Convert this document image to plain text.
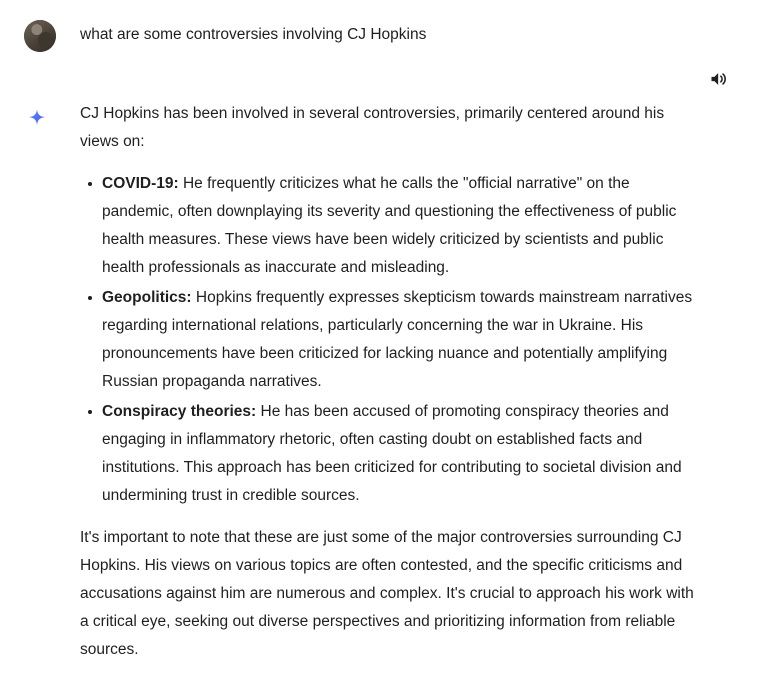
what are some controversies involving CJ Hopkins

CJ Hopkins has been involved in several controversies, primarily centered around his views on:

COVID-19: He frequently criticizes what he calls the "official narrative" on the pandemic, often downplaying its severity and questioning the effectiveness of public health measures. These views have been widely criticized by scientists and public health professionals as inaccurate and misleading.
Geopolitics: Hopkins frequently expresses skepticism towards mainstream narratives regarding international relations, particularly concerning the war in Ukraine. His pronouncements have been criticized for lacking nuance and potentially amplifying Russian propaganda narratives.
Conspiracy theories: He has been accused of promoting conspiracy theories and engaging in inflammatory rhetoric, often casting doubt on established facts and institutions. This approach has been criticized for contributing to societal division and undermining trust in credible sources.

It's important to note that these are just some of the major controversies surrounding CJ Hopkins. His views on various topics are often contested, and the specific criticisms and accusations against him are numerous and complex. It's crucial to approach his work with a critical eye, seeking out diverse perspectives and prioritizing information from reliable sources.
